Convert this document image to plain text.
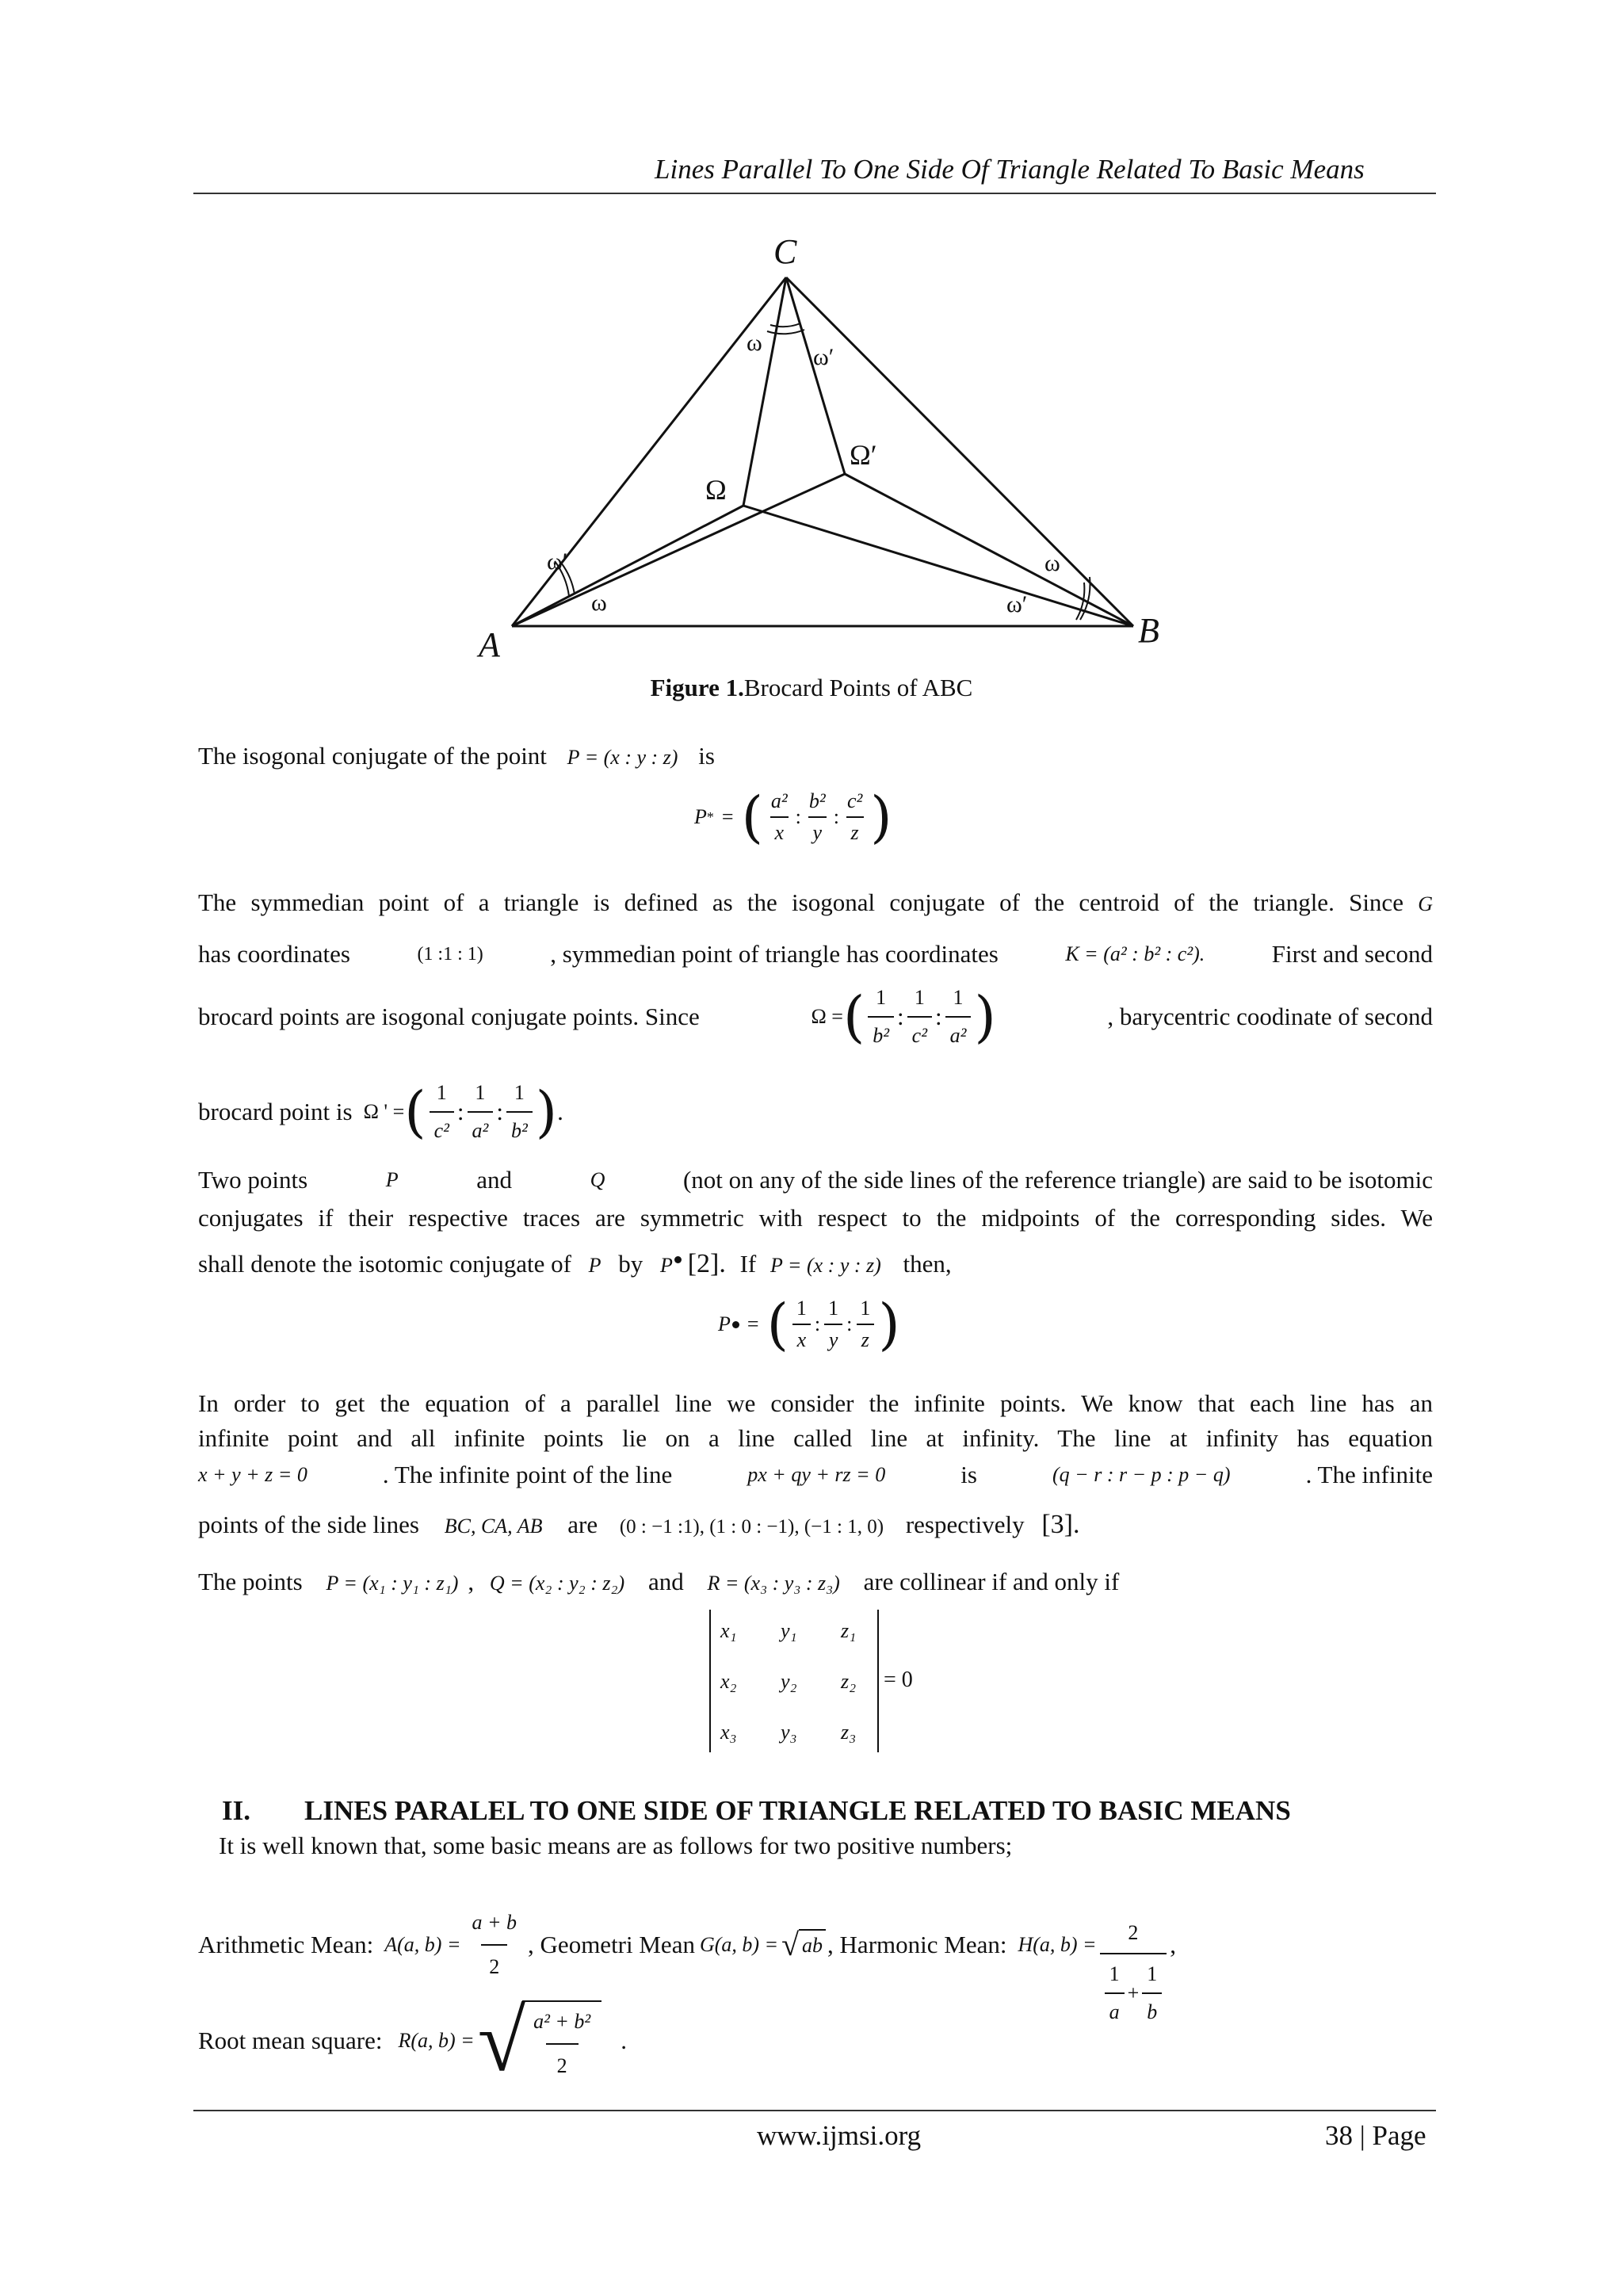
Lines Parallel To One Side Of Triangle Related To Basic Means
A	B
C
Ω
Ω′
ω
ω′
ω′
ω
ω
ω′
Figure 1.Brocard Points of ABC
The isogonal conjugate of the point P = (x : y : z) is
P * = ( $\frac{\text{a²}}{x}$ : $\frac{\text{b²}}{y}$ : $\frac{\text{c²}}{z}$ )
The symmedian point of a triangle is defined as the isogonal conjugate of the centroid of the triangle. Since G
has coordinates	(1 :1 : 1)	, symmedian point of triangle has coordinates	K = (a² : b² : c²).	First and second
brocard points are isogonal conjugate points. Since	Ω = ( $\frac{1}{\text{b²}}$ : $\frac{1}{\text{c²}}$ : $\frac{1}{\text{a²}}$ )	, barycentric coodinate of second
brocard point is Ω ' = ( $\frac{1}{\text{c²}}$ : $\frac{1}{\text{a²}}$ : $\frac{1}{\text{b²}}$ ) .
Two points	P	and	Q	(not on any of the side lines of the reference triangle) are said to be isotomic
conjugates if their respective traces are symmetric with respect to the midpoints of the corresponding sides. We
shall denote the isotomic conjugate of P by P [2]. If P = (x : y : z) then,
P = ( $\frac{1}{x}$ : $\frac{1}{y}$ : $\frac{1}{z}$ )
In order to get the equation of a parallel line we consider the infinite points. We know that each line has an
infinite point and all infinite points lie on a line called line at infinity. The line at infinity has equation
x + y + z = 0	. The infinite point of the line	px + qy + rz = 0	is	(q − r : r − p : p − q)	. The infinite
points of the side lines BC, CA, AB are (0 : −1 :1), (1 : 0 : −1), (−1 : 1, 0) respectively [3].
The points P = (x₁ : y₁ : z₁) , Q = (x₂ : y₂ : z₂) and R = (x₃ : y₃ : z₃) are collinear if and only if
x₁ y₁ z₁
x₂ y₂ z₂
x₃ y₃ z₃
= 0
II. LINES PARALEL TO ONE SIDE OF TRIANGLE RELATED TO BASIC MEANS
It is well known that, some basic means are as follows for two positive numbers;
Arithmetic Mean: A(a, $b) = \frac{a + b}{2}$ , Geometri Mean G(a, b) = √ ab , Harmonic Mean: H(a, $b) = \frac{2}{\frac{1}{a} + \frac{1}{b}}$ ,
Root mean square: R(a, b) = √
$\frac{\text{a² + b²}}{2}$ .
www.ijmsi.org	38 | Page
